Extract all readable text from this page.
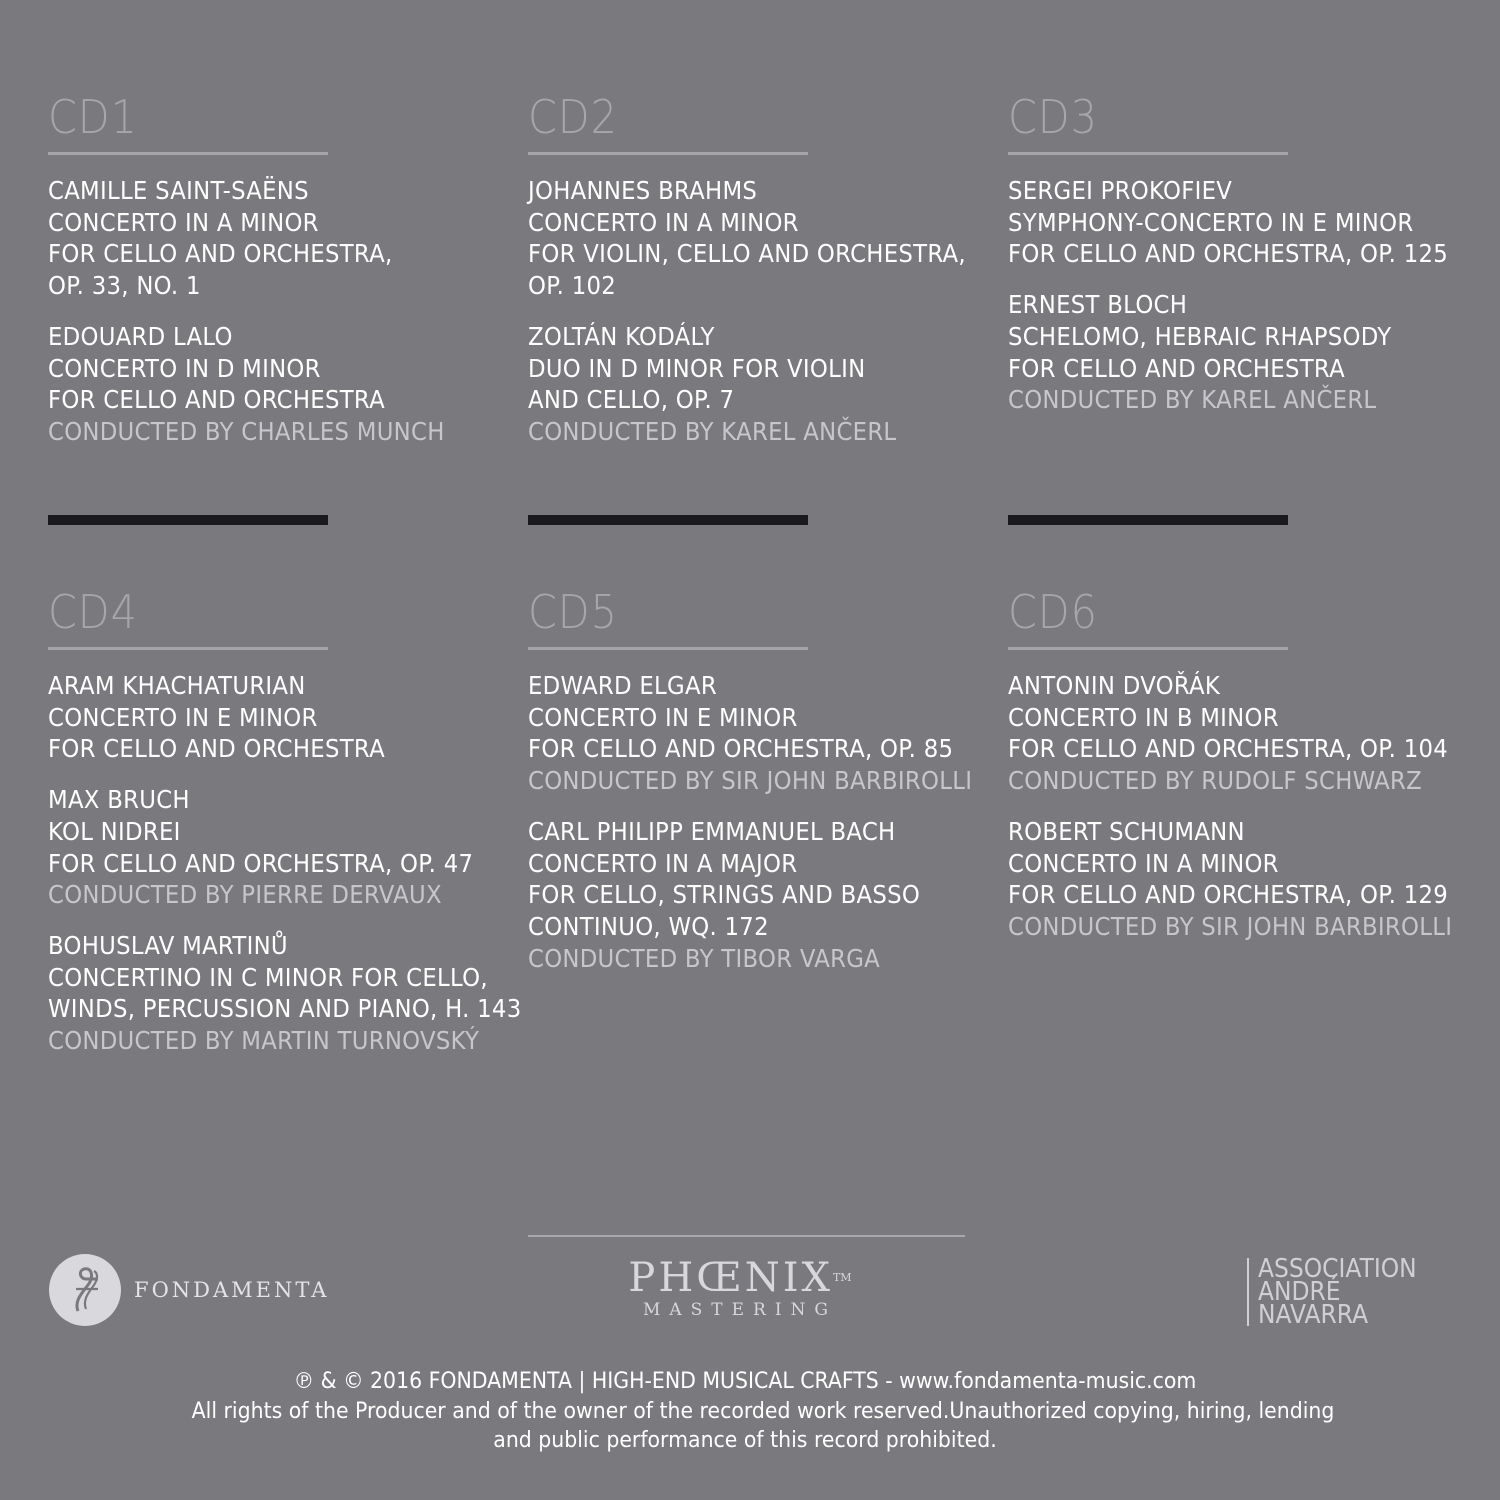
CD1
CAMILLE SAINT-SAËNS
CONCERTO IN A MINOR
FOR CELLO AND ORCHESTRA,
OP. 33, NO. 1
EDOUARD LALO
CONCERTO IN D MINOR
FOR CELLO AND ORCHESTRA
CONDUCTED BY CHARLES MUNCH
CD2
JOHANNES BRAHMS
CONCERTO IN A MINOR
FOR VIOLIN, CELLO AND ORCHESTRA,
OP. 102
ZOLTÁN KODÁLY
DUO IN D MINOR FOR VIOLIN
AND CELLO, OP. 7
CONDUCTED BY KAREL ANČERL
CD3
SERGEI PROKOFIEV
SYMPHONY-CONCERTO IN E MINOR
FOR CELLO AND ORCHESTRA, OP. 125
ERNEST BLOCH
SCHELOMO, HEBRAIC RHAPSODY
FOR CELLO AND ORCHESTRA
CONDUCTED BY KAREL ANČERL
CD4
ARAM KHACHATURIAN
CONCERTO IN E MINOR
FOR CELLO AND ORCHESTRA
MAX BRUCH
KOL NIDREI
FOR CELLO AND ORCHESTRA, OP. 47
CONDUCTED BY PIERRE DERVAUX
BOHUSLAV MARTINŮ
CONCERTINO IN C MINOR FOR CELLO,
WINDS, PERCUSSION AND PIANO, H. 143
CONDUCTED BY MARTIN TURNOVSKÝ
CD5
EDWARD ELGAR
CONCERTO IN E MINOR
FOR CELLO AND ORCHESTRA, OP. 85
CONDUCTED BY SIR JOHN BARBIROLLI
CARL PHILIPP EMMANUEL BACH
CONCERTO IN A MAJOR
FOR CELLO, STRINGS AND BASSO
CONTINUO, WQ. 172
CONDUCTED BY TIBOR VARGA
CD6
ANTONIN DVOŘÁK
CONCERTO IN B MINOR
FOR CELLO AND ORCHESTRA, OP. 104
CONDUCTED BY RUDOLF SCHWARZ
ROBERT SCHUMANN
CONCERTO IN A MINOR
FOR CELLO AND ORCHESTRA, OP. 129
CONDUCTED BY SIR JOHN BARBIROLLI
FONDAMENTA	PHŒNIX™
MASTERING
ASSOCIATION
ANDRÉ
NAVARRA
℗ & © 2016 FONDAMENTA | HIGH-END MUSICAL CRAFTS - www.fondamenta-music.com
All rights of the Producer and of the owner of the recorded work reserved.Unauthorized copying, hiring, lending
and public performance of this record prohibited.
